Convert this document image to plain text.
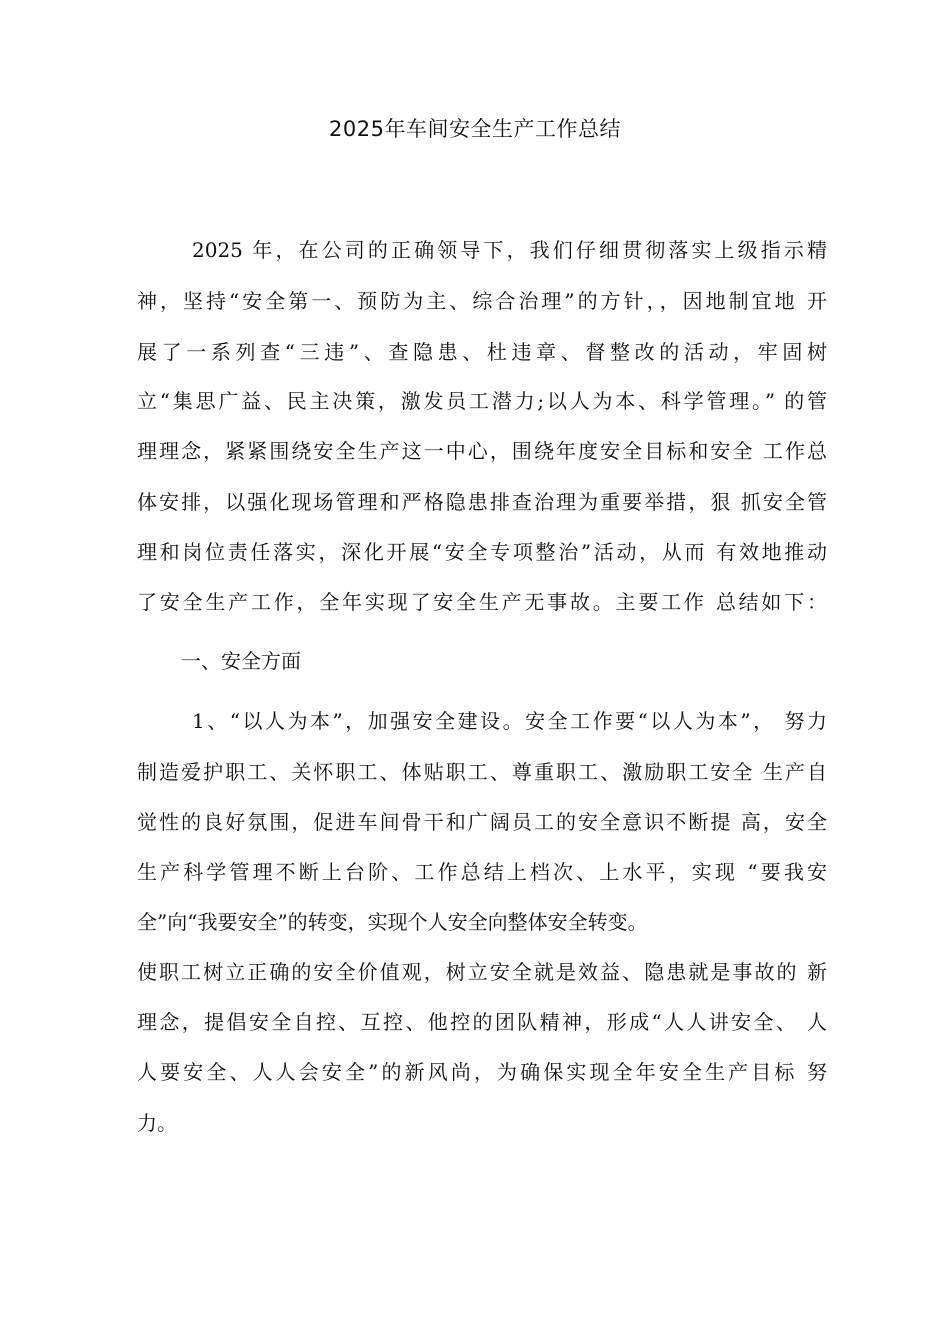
2025年车间安全生产工作总结

2025 年，在公司的正确领导下，我们仔细贯彻落实上级指示精

神，坚持“安全第一、预防为主、综合治理”的方针，，因地制宜地 开

展了一系列查“三违”、查隐患、杜违章、督整改的活动，牢固树

立“集思广益、民主决策，激发员工潜力;以人为本、科学管理。” 的管

理理念，紧紧围绕安全生产这一中心，围绕年度安全目标和安全 工作总

体安排，以强化现场管理和严格隐患排查治理为重要举措，狠 抓安全管

理和岗位责任落实，深化开展“安全专项整治”活动，从而 有效地推动

了安全生产工作，全年实现了安全生产无事故。主要工作 总结如下：

一、安全方面

1、“以人为本”，加强安全建设。安全工作要“以人为本”， 努力

制造爱护职工、关怀职工、体贴职工、尊重职工、激励职工安全 生产自

觉性的良好氛围，促进车间骨干和广阔员工的安全意识不断提 高，安全

生产科学管理不断上台阶、工作总结上档次、上水平，实现 “要我安

全”向“我要安全”的转变，实现个人安全向整体安全转变。

使职工树立正确的安全价值观，树立安全就是效益、隐患就是事故的 新

理念，提倡安全自控、互控、他控的团队精神，形成“人人讲安全、 人

人要安全、人人会安全”的新风尚，为确保实现全年安全生产目标 努

力。
